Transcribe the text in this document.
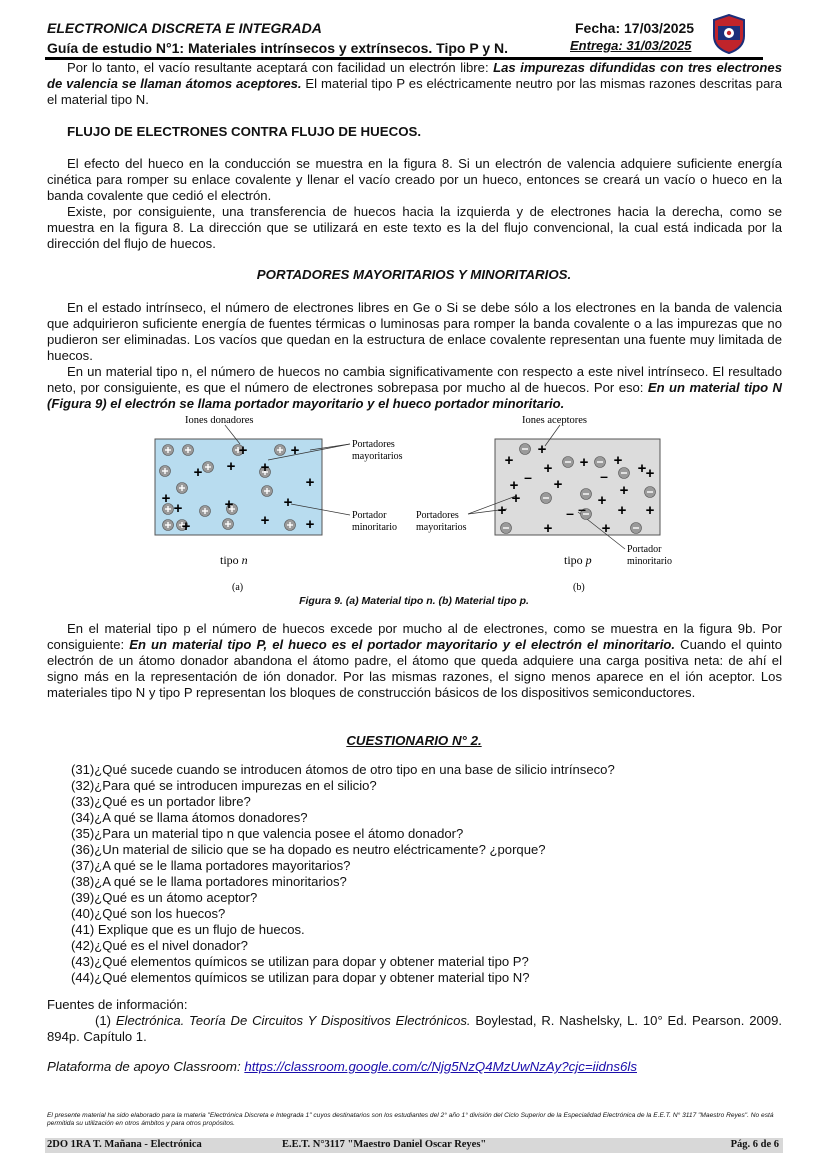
ELECTRONICA DISCRETA E INTEGRADA
Guía de estudio N°1: Materiales intrínsecos y extrínsecos. Tipo P y N.
Fecha: 17/03/2025
Entrega: 31/03/2025

Por lo tanto, el vacío resultante aceptará con facilidad un electrón libre: Las impurezas difundidas con tres electrones de valencia se llaman átomos aceptores. El material tipo P es eléctricamente neutro por las mismas razones descritas para el material tipo N.

FLUJO DE ELECTRONES CONTRA FLUJO DE HUECOS.

El efecto del hueco en la conducción se muestra en la figura 8. Si un electrón de valencia adquiere suficiente energía cinética para romper su enlace covalente y llenar el vacío creado por un hueco, entonces se creará un vacío o hueco en la banda covalente que cedió el electrón.

Existe, por consiguiente, una transferencia de huecos hacia la izquierda y de electrones hacia la derecha, como se muestra en la figura 8. La dirección que se utilizará en este texto es la del flujo convencional, la cual está indicada por la dirección del flujo de huecos.

PORTADORES MAYORITARIOS Y MINORITARIOS.

En el estado intrínseco, el número de electrones libres en Ge o Si se debe sólo a los electrones en la banda de valencia que adquirieron suficiente energía de fuentes térmicas o luminosas para romper la banda covalente o a las impurezas que no pudieron ser eliminadas. Los vacíos que quedan en la estructura de enlace covalente representan una fuente muy limitada de huecos.

En un material tipo n, el número de huecos no cambia significativamente con respecto a este nivel intrínseco. El resultado neto, por consiguiente, es que el número de electrones sobrepasa por mucho al de huecos. Por eso: En un material tipo N (Figura 9) el electrón se llama portador mayoritario y el hueco portador minoritario.

Iones donadores
Portadores
mayoritarios
Portador
minoritario
tipo n
(a)
+	+
+ +
+
+
+
+	+	+
+ +
+
Iones aceptores
Portadores
mayoritarios
Portador
minoritario
tipo p
(b)
+
+
+ + + +
+ +
+
+
+
+
+
+	+
+ +
–	–
–
–
Figura 9. (a) Material tipo n. (b) Material tipo p.

En el material tipo p el número de huecos excede por mucho al de electrones, como se muestra en la figura 9b. Por consiguiente: En un material tipo P, el hueco es el portador mayoritario y el electrón el minoritario. Cuando el quinto electrón de un átomo donador abandona el átomo padre, el átomo que queda adquiere una carga positiva neta: de ahí el signo más en la representación de ión donador. Por las mismas razones, el signo menos aparece en el ión aceptor. Los materiales tipo N y tipo P representan los bloques de construcción básicos de los dispositivos semiconductores.

CUESTIONARIO N° 2.
(31)¿Qué sucede cuando se introducen átomos de otro tipo en una base de silicio intrínseco?
(32)¿Para qué se introducen impurezas en el silicio?
(33)¿Qué es un portador libre?
(34)¿A qué se llama átomos donadores?
(35)¿Para un material tipo n que valencia posee el átomo donador?
(36)¿Un material de silicio que se ha dopado es neutro eléctricamente? ¿porque?
(37)¿A qué se le llama portadores mayoritarios?
(38)¿A qué se le llama portadores minoritarios?
(39)¿Qué es un átomo aceptor?
(40)¿Qué son los huecos?
(41) Explique que es un flujo de huecos.
(42)¿Qué es el nivel donador?
(43)¿Qué elementos químicos se utilizan para dopar y obtener material tipo P?
(44)¿Qué elementos químicos se utilizan para dopar y obtener material tipo N?
Fuentes de información:

(1) Electrónica. Teoría De Circuitos Y Dispositivos Electrónicos. Boylestad, R. Nashelsky, L. 10° Ed. Pearson. 2009. 894p. Capítulo 1.

Plataforma de apoyo Classroom: https://classroom.google.com/c/Njg5NzQ4MzUwNzAy?cjc=iidns6ls
El presente material ha sido elaborado para la materia "Electrónica Discreta e Integrada 1" cuyos destinatarios son los estudiantes del 2° año 1° división del Ciclo Superior de la Especialidad Electrónica de la E.E.T. N° 3117 "Maestro Reyes". No está permitida su utilización en otros ámbitos y para otros propósitos.
2DO 1RA T. Mañana - Electrónica	E.E.T. N°3117 "Maestro Daniel Oscar Reyes"	Pág. 6 de 6
